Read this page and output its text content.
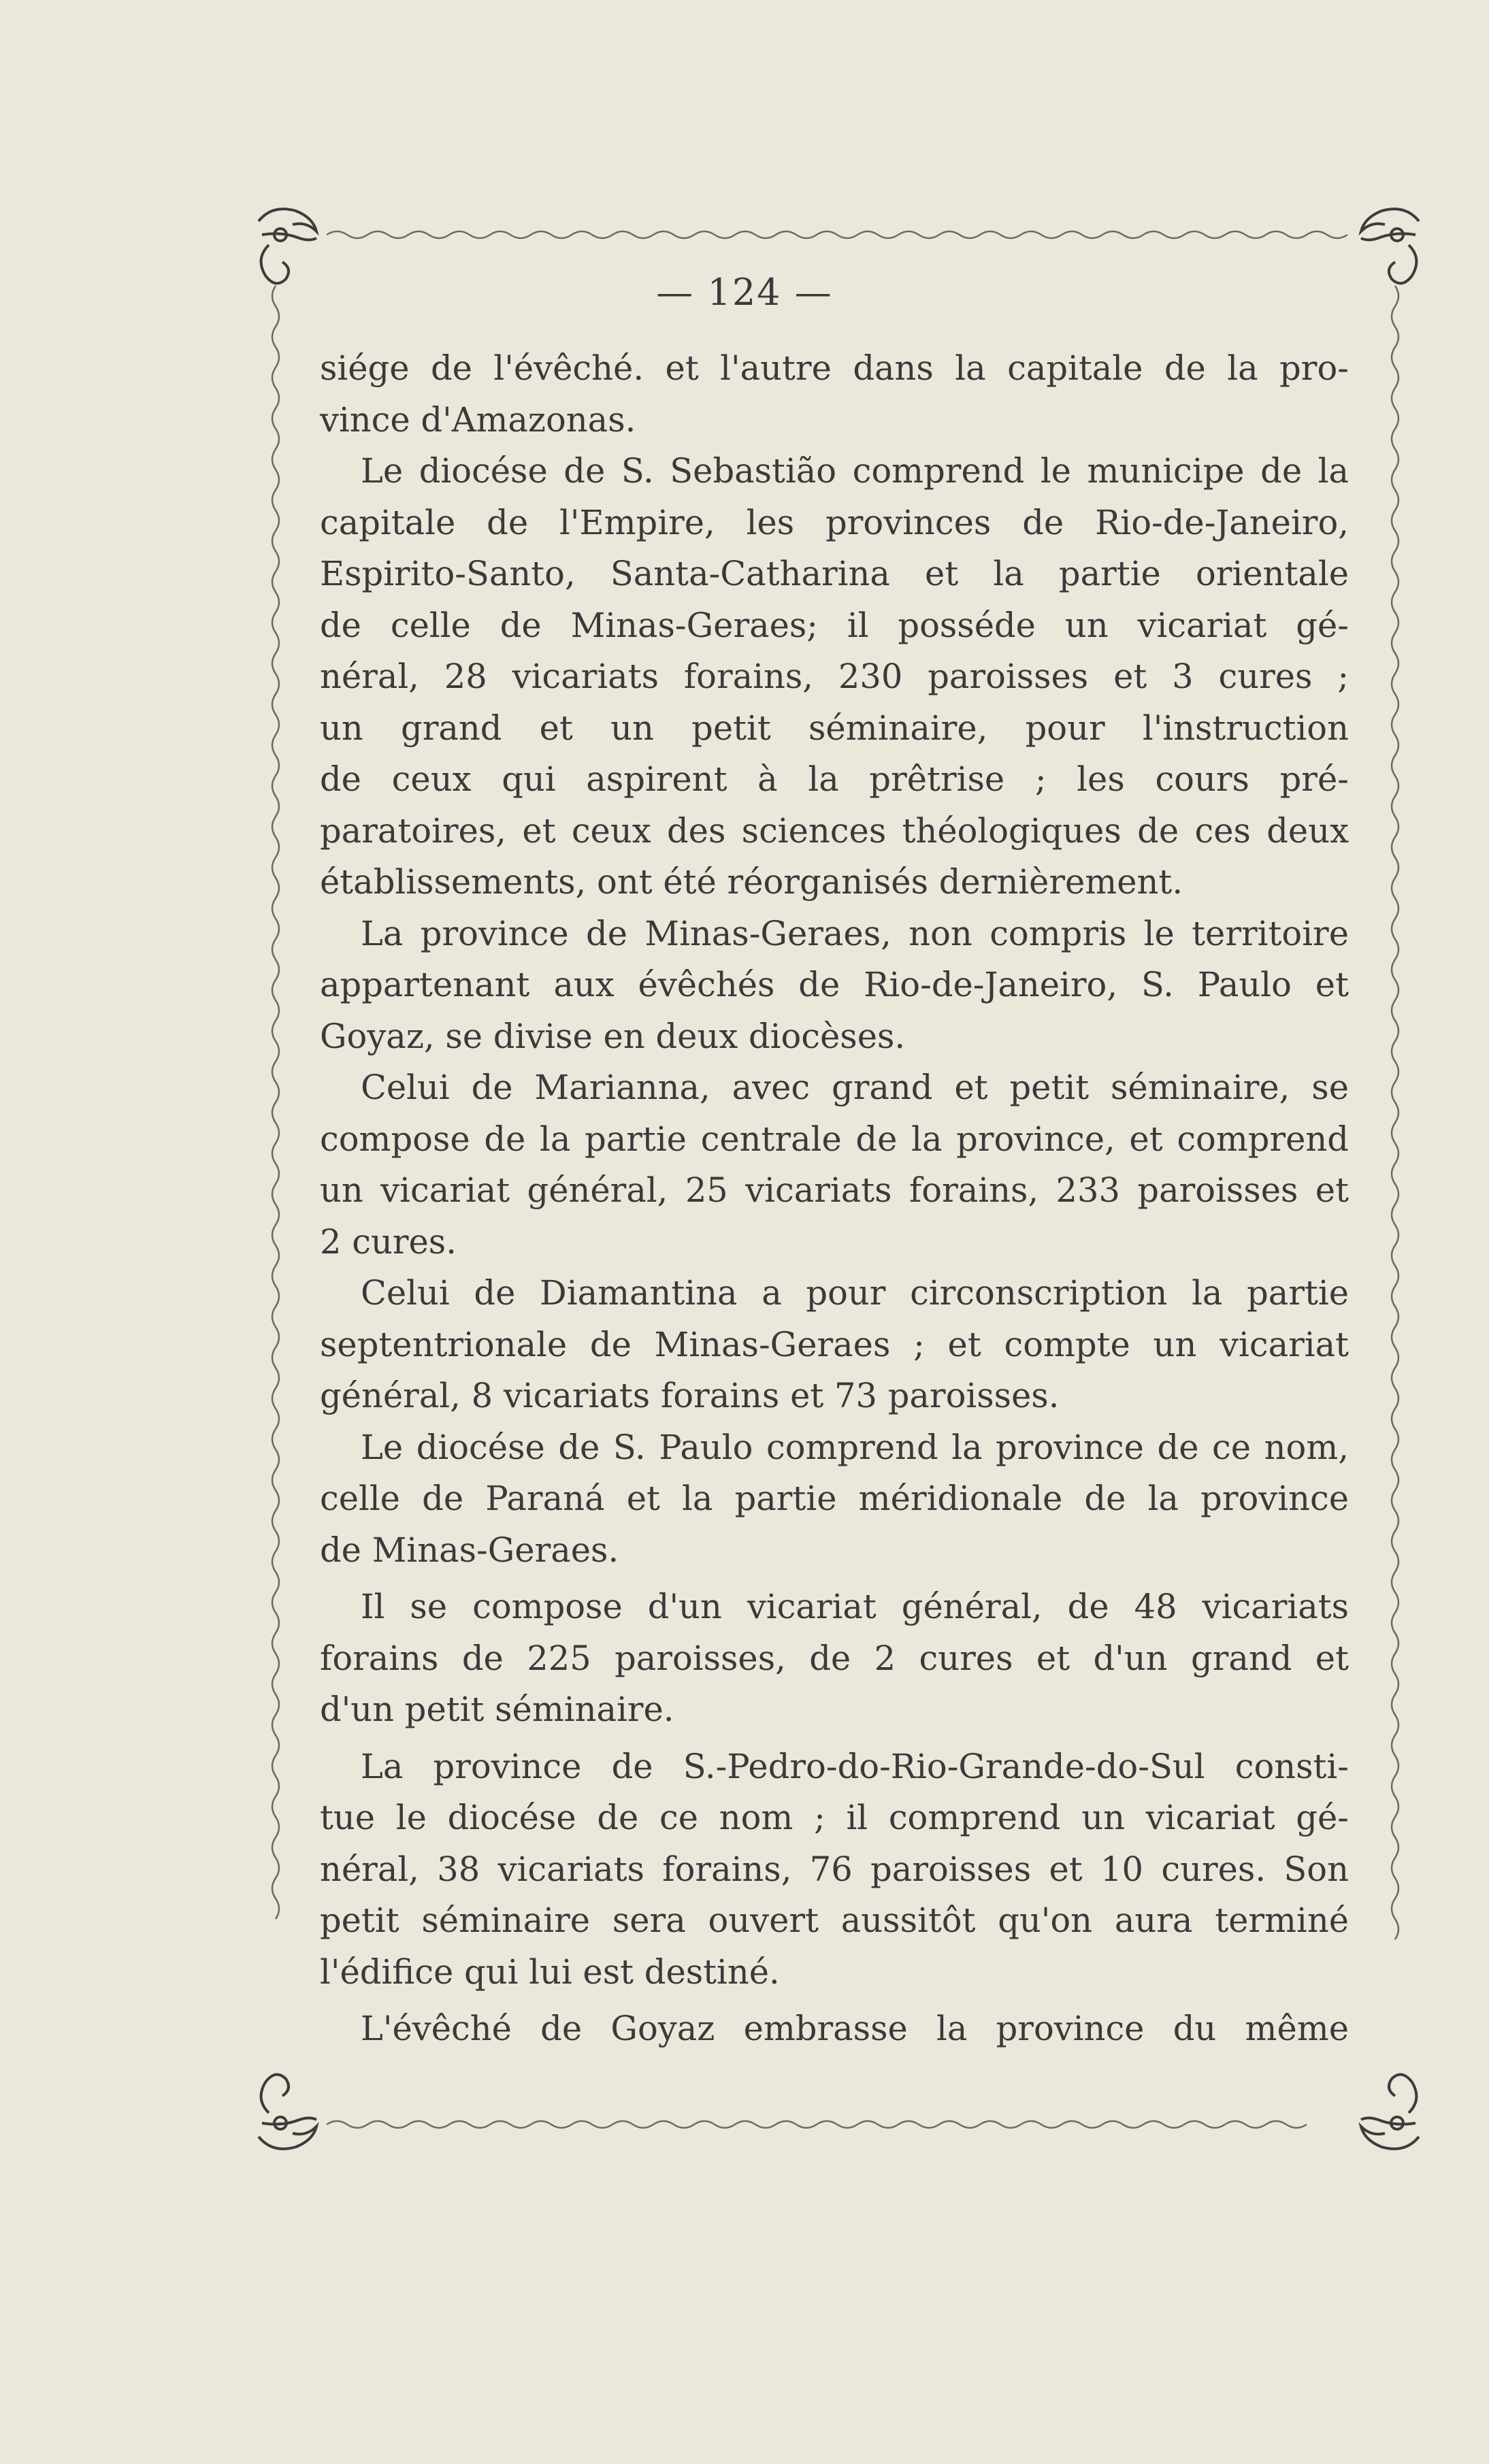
— 124 —
siége de l'évêché. et l'autre dans la capitale de la pro-
vince d'Amazonas.
Le diocése de S. Sebastião comprend le municipe de la
capitale de l'Empire, les provinces de Rio-de-Janeiro,
Espirito-Santo, Santa-Catharina et la partie orientale
de celle de Minas-Geraes; il posséde un vicariat gé-
néral, 28 vicariats forains, 230 paroisses et 3 cures ;
un grand et un petit séminaire, pour l'instruction
de ceux qui aspirent à la prêtrise ; les cours pré-
paratoires, et ceux des sciences théologiques de ces deux
établissements, ont été réorganisés dernièrement.
La province de Minas-Geraes, non compris le territoire
appartenant aux évêchés de Rio-de-Janeiro, S. Paulo et
Goyaz, se divise en deux diocèses.
Celui de Marianna, avec grand et petit séminaire, se
compose de la partie centrale de la province, et comprend
un vicariat général, 25 vicariats forains, 233 paroisses et
2 cures.
Celui de Diamantina a pour circonscription la partie
septentrionale de Minas-Geraes ; et compte un vicariat
général, 8 vicariats forains et 73 paroisses.
Le diocése de S. Paulo comprend la province de ce nom,
celle de Paraná et la partie méridionale de la province
de Minas-Geraes.
Il se compose d'un vicariat général, de 48 vicariats
forains de 225 paroisses, de 2 cures et d'un grand et
d'un petit séminaire.
La province de S.-Pedro-do-Rio-Grande-do-Sul consti-
tue le diocése de ce nom ; il comprend un vicariat gé-
néral, 38 vicariats forains, 76 paroisses et 10 cures. Son
petit séminaire sera ouvert aussitôt qu'on aura terminé
l'édifice qui lui est destiné.
L'évêché de Goyaz embrasse la province du même
